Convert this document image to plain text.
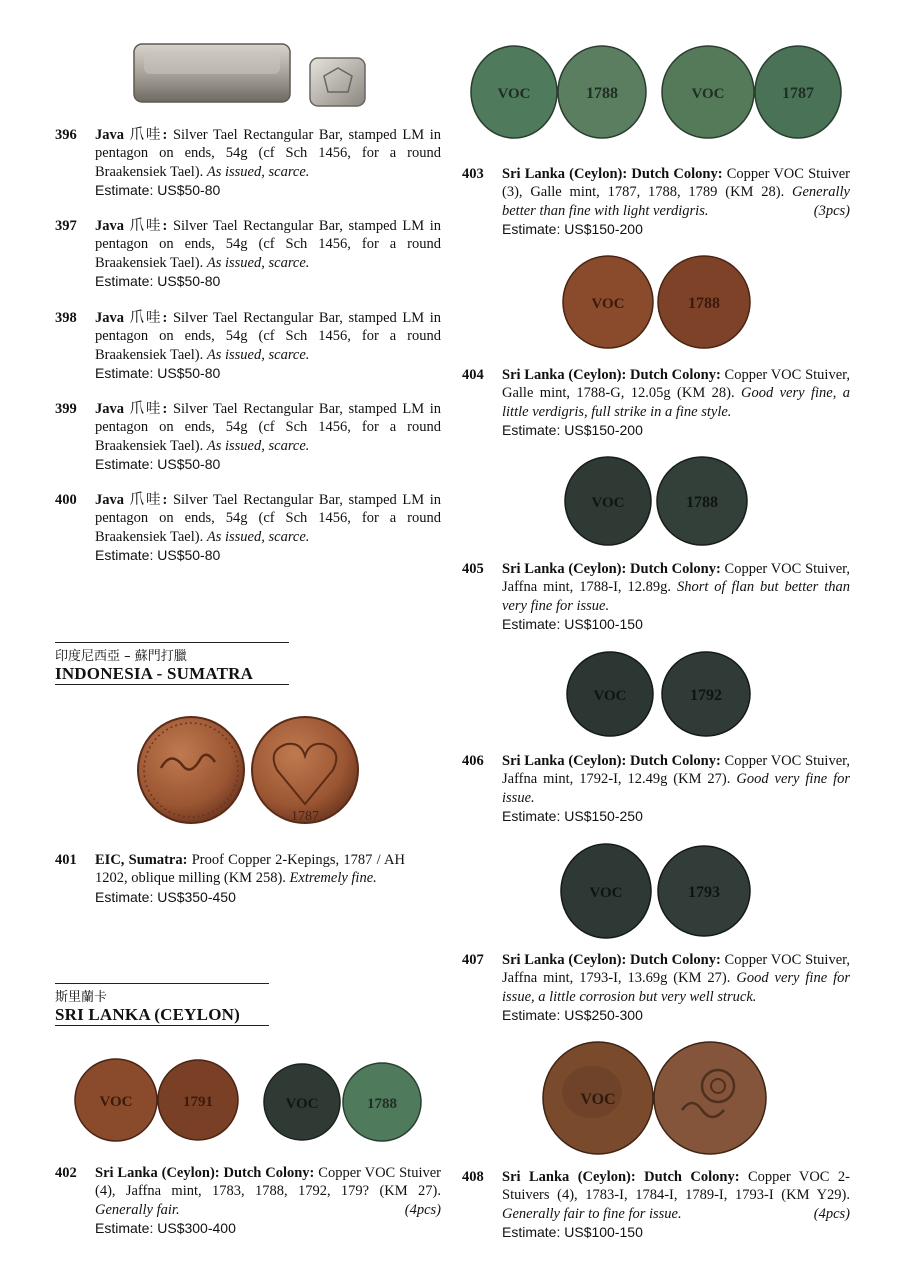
396 Java 爪哇: Silver Tael Rectangular Bar, stamped LM in pentagon on ends, 54g (cf Sch 1456, for a round Braakensiek Tael). As issued, scarce.

Estimate: US$50-80
397 Java 爪哇: Silver Tael Rectangular Bar, stamped LM in pentagon on ends, 54g (cf Sch 1456, for a round Braakensiek Tael). As issued, scarce.

Estimate: US$50-80
398 Java 爪哇: Silver Tael Rectangular Bar, stamped LM in pentagon on ends, 54g (cf Sch 1456, for a round Braakensiek Tael). As issued, scarce.

Estimate: US$50-80
399 Java 爪哇: Silver Tael Rectangular Bar, stamped LM in pentagon on ends, 54g (cf Sch 1456, for a round Braakensiek Tael). As issued, scarce.

Estimate: US$50-80
400 Java 爪哇: Silver Tael Rectangular Bar, stamped LM in pentagon on ends, 54g (cf Sch 1456, for a round Braakensiek Tael). As issued, scarce.

Estimate: US$50-80
印度尼西亞 – 蘇門打臘
INDONESIA - SUMATRA
1787
401 EIC, Sumatra: Proof Copper 2-Kepings, 1787 / AH 1202, oblique milling (KM 258). Extremely fine.

Estimate: US$350-450
斯里蘭卡
SRI LANKA (CEYLON)
VOC	1791	VOC	1788
402 Sri Lanka (Ceylon): Dutch Colony: Copper VOC Stuiver (4), Jaffna mint, 1783, 1788, 1792, 179? (KM 27). Generally fair.	(4pcs)

Estimate: US$300-400
VOC	1788	VOC	1787
403 Sri Lanka (Ceylon): Dutch Colony: Copper VOC Stuiver (3), Galle mint, 1787, 1788, 1789 (KM 28). Generally better than fine with light verdigris.	(3pcs)

Estimate: US$150-200
VOC	1788
404 Sri Lanka (Ceylon): Dutch Colony: Copper VOC Stuiver, Galle mint, 1788-G, 12.05g (KM 28). Good very fine, a little verdigris, full strike in a fine style.

Estimate: US$150-200
VOC	1788
405 Sri Lanka (Ceylon): Dutch Colony: Copper VOC Stuiver, Jaffna mint, 1788-I, 12.89g. Short of flan but better than very fine for issue.

Estimate: US$100-150
VOC	1792
406 Sri Lanka (Ceylon): Dutch Colony: Copper VOC Stuiver, Jaffna mint, 1792-I, 12.49g (KM 27). Good very fine for issue.

Estimate: US$150-250
VOC	1793
407 Sri Lanka (Ceylon): Dutch Colony: Copper VOC Stuiver, Jaffna mint, 1793-I, 13.69g (KM 27). Good very fine for issue, a little corrosion but very well struck.

Estimate: US$250-300
VOC
408 Sri Lanka (Ceylon): Dutch Colony: Copper VOC 2-Stuivers (4), 1783-I, 1784-I, 1789-I, 1793-I (KM Y29). Generally fair to fine for issue.	(4pcs)

Estimate: US$100-150
